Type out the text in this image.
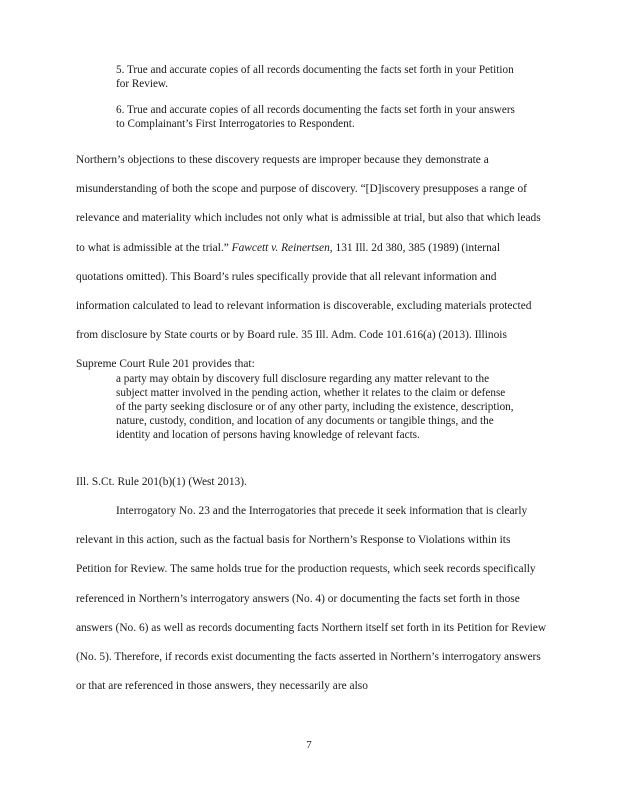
5. True and accurate copies of all records documenting the facts set forth in your Petition for Review.

6. True and accurate copies of all records documenting the facts set forth in your answers to Complainant’s First Interrogatories to Respondent.

Northern’s objections to these discovery requests are improper because they demonstrate a misunderstanding of both the scope and purpose of discovery. “[D]iscovery presupposes a range of relevance and materiality which includes not only what is admissible at trial, but also that which leads to what is admissible at the trial.” Fawcett v. Reinertsen, 131 Ill. 2d 380, 385 (1989) (internal quotations omitted). This Board’s rules specifically provide that all relevant information and information calculated to lead to relevant information is discoverable, excluding materials protected from disclosure by State courts or by Board rule. 35 Ill. Adm. Code 101.616(a) (2013). Illinois Supreme Court Rule 201 provides that:

a party may obtain by discovery full disclosure regarding any matter relevant to the subject matter involved in the pending action, whether it relates to the claim or defense of the party seeking disclosure or of any other party, including the existence, description, nature, custody, condition, and location of any documents or tangible things, and the identity and location of persons having knowledge of relevant facts.

Ill. S.Ct. Rule 201(b)(1) (West 2013).

Interrogatory No. 23 and the Interrogatories that precede it seek information that is clearly relevant in this action, such as the factual basis for Northern’s Response to Violations within its Petition for Review. The same holds true for the production requests, which seek records specifically referenced in Northern’s interrogatory answers (No. 4) or documenting the facts set forth in those answers (No. 6) as well as records documenting facts Northern itself set forth in its Petition for Review (No. 5). Therefore, if records exist documenting the facts asserted in Northern’s interrogatory answers or that are referenced in those answers, they necessarily are also

7
